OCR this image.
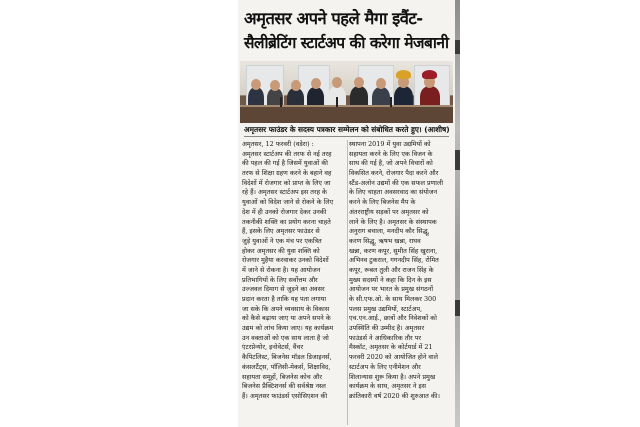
अमृतसर अपने पहले मैगा इवैंट-
सैलीब्रेटिंग स्टार्टअप की करेगा मेजबानी
अमृतसर फाउंडर के सदस्य पत्रकार सम्मेलन को संबोधित करते हुए। (आशीष)
अमृतसर, 12 फरवरी (वडेरा) :
अमृतसर स्टार्टअप की तरफ से नई तरह
की पहल की गई है जिसमें युवाओं की
तरफ से शिक्षा ग्रहण करने के बहाने वह
विदेशों में रोजगार को प्राप्त के लिए जा
रहे हैं। अमृतसर स्टार्टअप इस तरह के
युवाओं को विदेश जाने से रोकने के लिए
देश में ही उनको रोजगार देकर उनकी
तकनीकी शक्ति का प्रयोग करना चाहते
हैं, इसके लिए अमृतसर फाउंडर से
जुड़े युवाओं ने एक मंच पर एकत्रित
होकर अमृतसर की युवा शक्ति को
रोजगार मुहैया करवाकर उनको विदेशों
में जाने से रोकना है। यह आयोजन
प्रतिभागियों के लिए सर्वोत्तम और
उज्जवल दिमाग से जुड़ने का अवसर
प्रदान करता है ताकि यह पता लगाया
जा सके कि अपने व्यवसाय के विकास
को कैसे बढ़ाया जाए या अपने सपने के
उद्यम को लांच किया जाए। यह कार्यक्रम
उन वक्ताओं को एक साथ लाता है जो
एंटरप्रेन्योर, इनोवेटर्स, वैंचर
कैपिटलिस्ट, बिजनेस मॉडल डिजाइनर्स,
कंसलटैंट्स, पॉलिसी-मेकर्स, शिक्षाविद,
सहायता समूहों, बिजनेस कोच और
बिजनेस प्रैक्टिशनर्स की सर्वश्रेष्ठ नस्ल
हैं। अमृतसर फाउंडर्स एसोसिएशन की
स्थापना 2019 में युवा उद्यमियों को
सहायता करने के लिए एक विजन के
साथ की गई है, जो अपने विचारों को
विकसित करने, रोजगार पैदा करने और
स्टैंड-अलोन उद्यमों की एक सफल प्रणाली
के लिए चाहता अवसरवाद का संयोजन
करने के लिए बिजनेस मैप के
अंतरराष्ट्रीय सड़कों पर अमृतसर को
लाने के लिए है। अमृतसर के संस्थापक
अनुराग बचाला, मनदीप कौर सिद्धू,
करण सिद्धू, ऋषभ खन्ना, राघव
खन्ना, करण कपूर, सुमीत सिंह खुराना,
अभिनव टुकराल, गगनदीप सिंह, रोमित
कपूर, रूबल तुली और राजन सिंह के
मुख्य सदस्यों ने कहा कि दिन के इस
आयोजन पर भारत के प्रमुख संगठनों
के सी.एफ.ओ. के साथ मिलकर 300
पलस प्रमुख उद्यमियों, स्टार्टअप,
एच.एन.आई., छात्रों और निवेशकों को
उपस्थिति की उम्मीद है। अमृतसर
फाउंडर्स ने आधिकारिक तौर पर
मैस्कॉट, अमृतसर के कोर्टयार्ड में 21
फरवरी 2020 को आयोजित होने वाले
स्टार्टअप के लिए एनीमेशन और
शिलान्यास शुरू किया है। अपने प्रमुख
कार्यक्रम के साथ, अमृतसर ने इस
क्रांतिकारी वर्ष 2020 की शुरुआत की।
